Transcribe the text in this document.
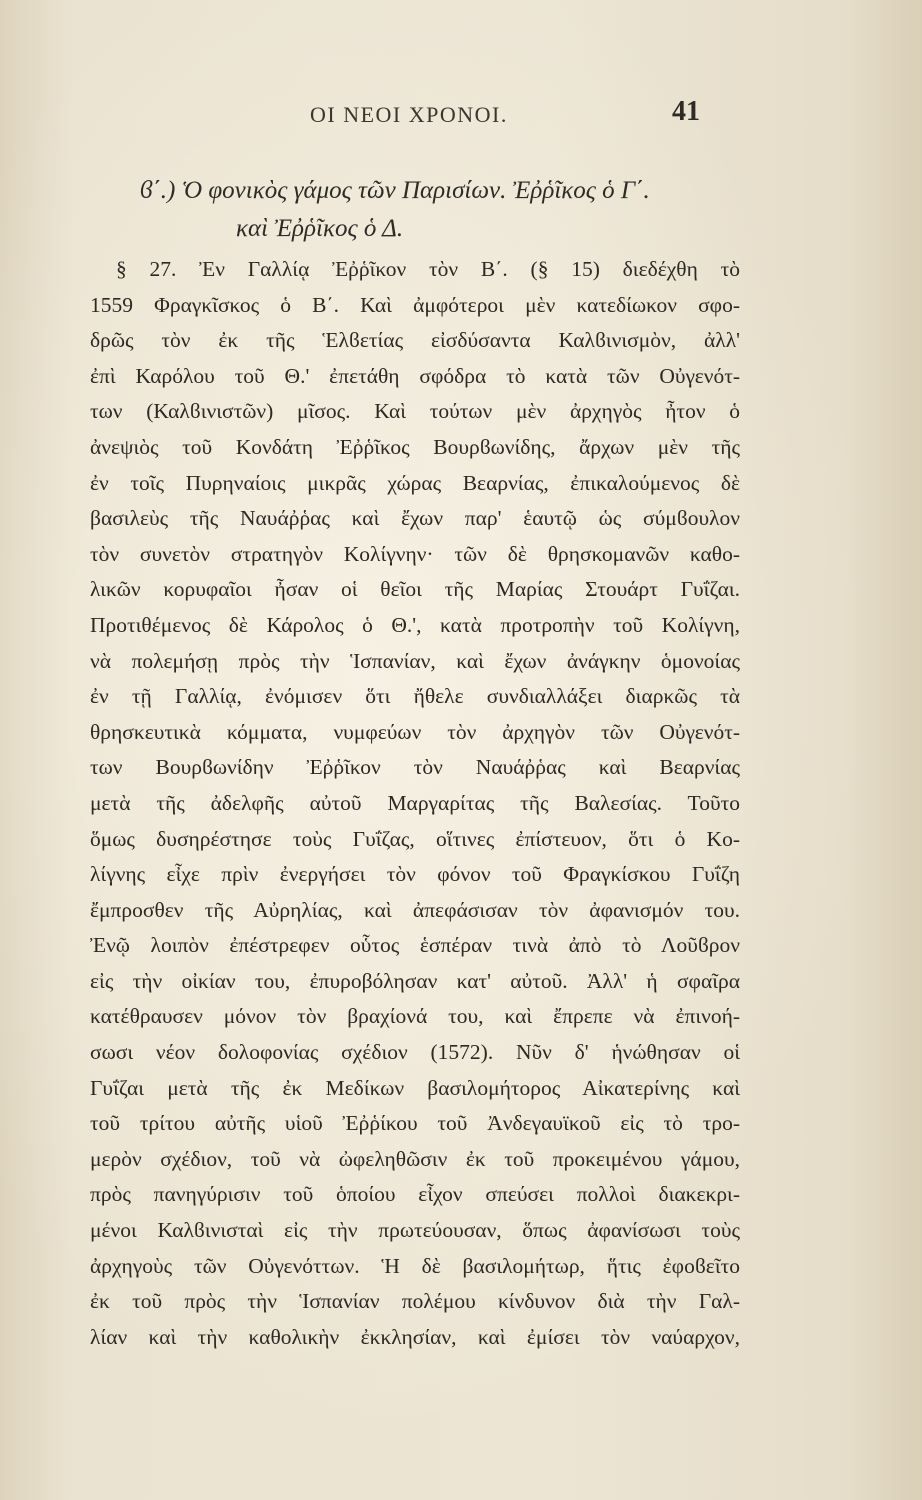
ΟΙ ΝΕΟΙ ΧΡΟΝΟΙ.	41
ϐ΄.) Ὁ φονικὸς γάμος τῶν Παρισίων. Ἐῤῥῖκος ὁ Γ΄.
καὶ Ἐῤῥῖκος ὁ Δ.
§ 27. Ἐν Γαλλίᾳ Ἐῤῥῖκον τὸν Β΄. (§ 15) διεδέχθη τὸ
1559 Φραγκῖσκος ὁ Β΄. Καὶ ἀμφότεροι μὲν κατεδίωκον σφο-
δρῶς τὸν ἐκ τῆς Ἑλϐετίας εἰσδύσαντα Καλϐινισμὸν, ἀλλ'
ἐπὶ Καρόλου τοῦ Θ.' ἐπετάθη σφόδρα τὸ κατὰ τῶν Οὐγενότ-
των (Καλϐινιστῶν) μῖσος. Καὶ τούτων μὲν ἀρχηγὸς ἦτον ὁ
ἀνεψιὸς τοῦ Κονδάτη Ἐῤῥῖκος Βουρϐωνίδης, ἄρχων μὲν τῆς
ἐν τοῖς Πυρηναίοις μικρᾶς χώρας Βεαρνίας, ἐπικαλούμενος δὲ
βασιλεὺς τῆς Ναυάῤῥας καὶ ἔχων παρ' ἑαυτῷ ὡς σύμϐουλον
τὸν συνετὸν στρατηγὸν Κολίγνην· τῶν δὲ θρησκομανῶν καθο-
λικῶν κορυφαῖοι ἦσαν οἱ θεῖοι τῆς Μαρίας Στουάρτ Γυΐζαι.
Προτιθέμενος δὲ Κάρολος ὁ Θ.', κατὰ προτροπὴν τοῦ Κολίγνη,
νὰ πολεμήσῃ πρὸς τὴν Ἱσπανίαν, καὶ ἔχων ἀνάγκην ὁμονοίας
ἐν τῇ Γαλλίᾳ, ἐνόμισεν ὅτι ἤθελε συνδιαλλάξει διαρκῶς τὰ
θρησκευτικὰ κόμματα, νυμφεύων τὸν ἀρχηγὸν τῶν Οὐγενότ-
των Βουρϐωνίδην Ἐῤῥῖκον τὸν Ναυάῤῥας καὶ Βεαρνίας
μετὰ τῆς ἀδελφῆς αὐτοῦ Μαργαρίτας τῆς Βαλεσίας. Τοῦτο
ὅμως δυσηρέστησε τοὺς Γυΐζας, οἵτινες ἐπίστευον, ὅτι ὁ Κο-
λίγνης εἶχε πρὶν ἐνεργήσει τὸν φόνον τοῦ Φραγκίσκου Γυΐζη
ἔμπροσθεν τῆς Αὐρηλίας, καὶ ἀπεφάσισαν τὸν ἀφανισμόν του.
Ἐνῷ λοιπὸν ἐπέστρεφεν οὗτος ἑσπέραν τινὰ ἀπὸ τὸ Λοῦϐρον
εἰς τὴν οἰκίαν του, ἐπυροβόλησαν κατ' αὐτοῦ. Ἀλλ' ἡ σφαῖρα
κατέθραυσεν μόνον τὸν βραχίονά του, καὶ ἔπρεπε νὰ ἐπινοή-
σωσι νέον δολοφονίας σχέδιον (1572). Νῦν δ' ἡνώθησαν οἱ
Γυΐζαι μετὰ τῆς ἐκ Μεδίκων βασιλομήτορος Αἰκατερίνης καὶ
τοῦ τρίτου αὐτῆς υἱοῦ Ἐῤῥίκου τοῦ Ἀνδεγαυϊκοῦ εἰς τὸ τρο-
μερὸν σχέδιον, τοῦ νὰ ὠφεληθῶσιν ἐκ τοῦ προκειμένου γάμου,
πρὸς πανηγύρισιν τοῦ ὁποίου εἶχον σπεύσει πολλοὶ διακεκρι-
μένοι Καλϐινισταὶ εἰς τὴν πρωτεύουσαν, ὅπως ἀφανίσωσι τοὺς
ἀρχηγοὺς τῶν Οὐγενόττων. Ἡ δὲ βασιλομήτωρ, ἥτις ἐφοϐεῖτο
ἐκ τοῦ πρὸς τὴν Ἱσπανίαν πολέμου κίνδυνον διὰ τὴν Γαλ-
λίαν καὶ τὴν καθολικὴν ἐκκλησίαν, καὶ ἐμίσει τὸν ναύαρχον,
